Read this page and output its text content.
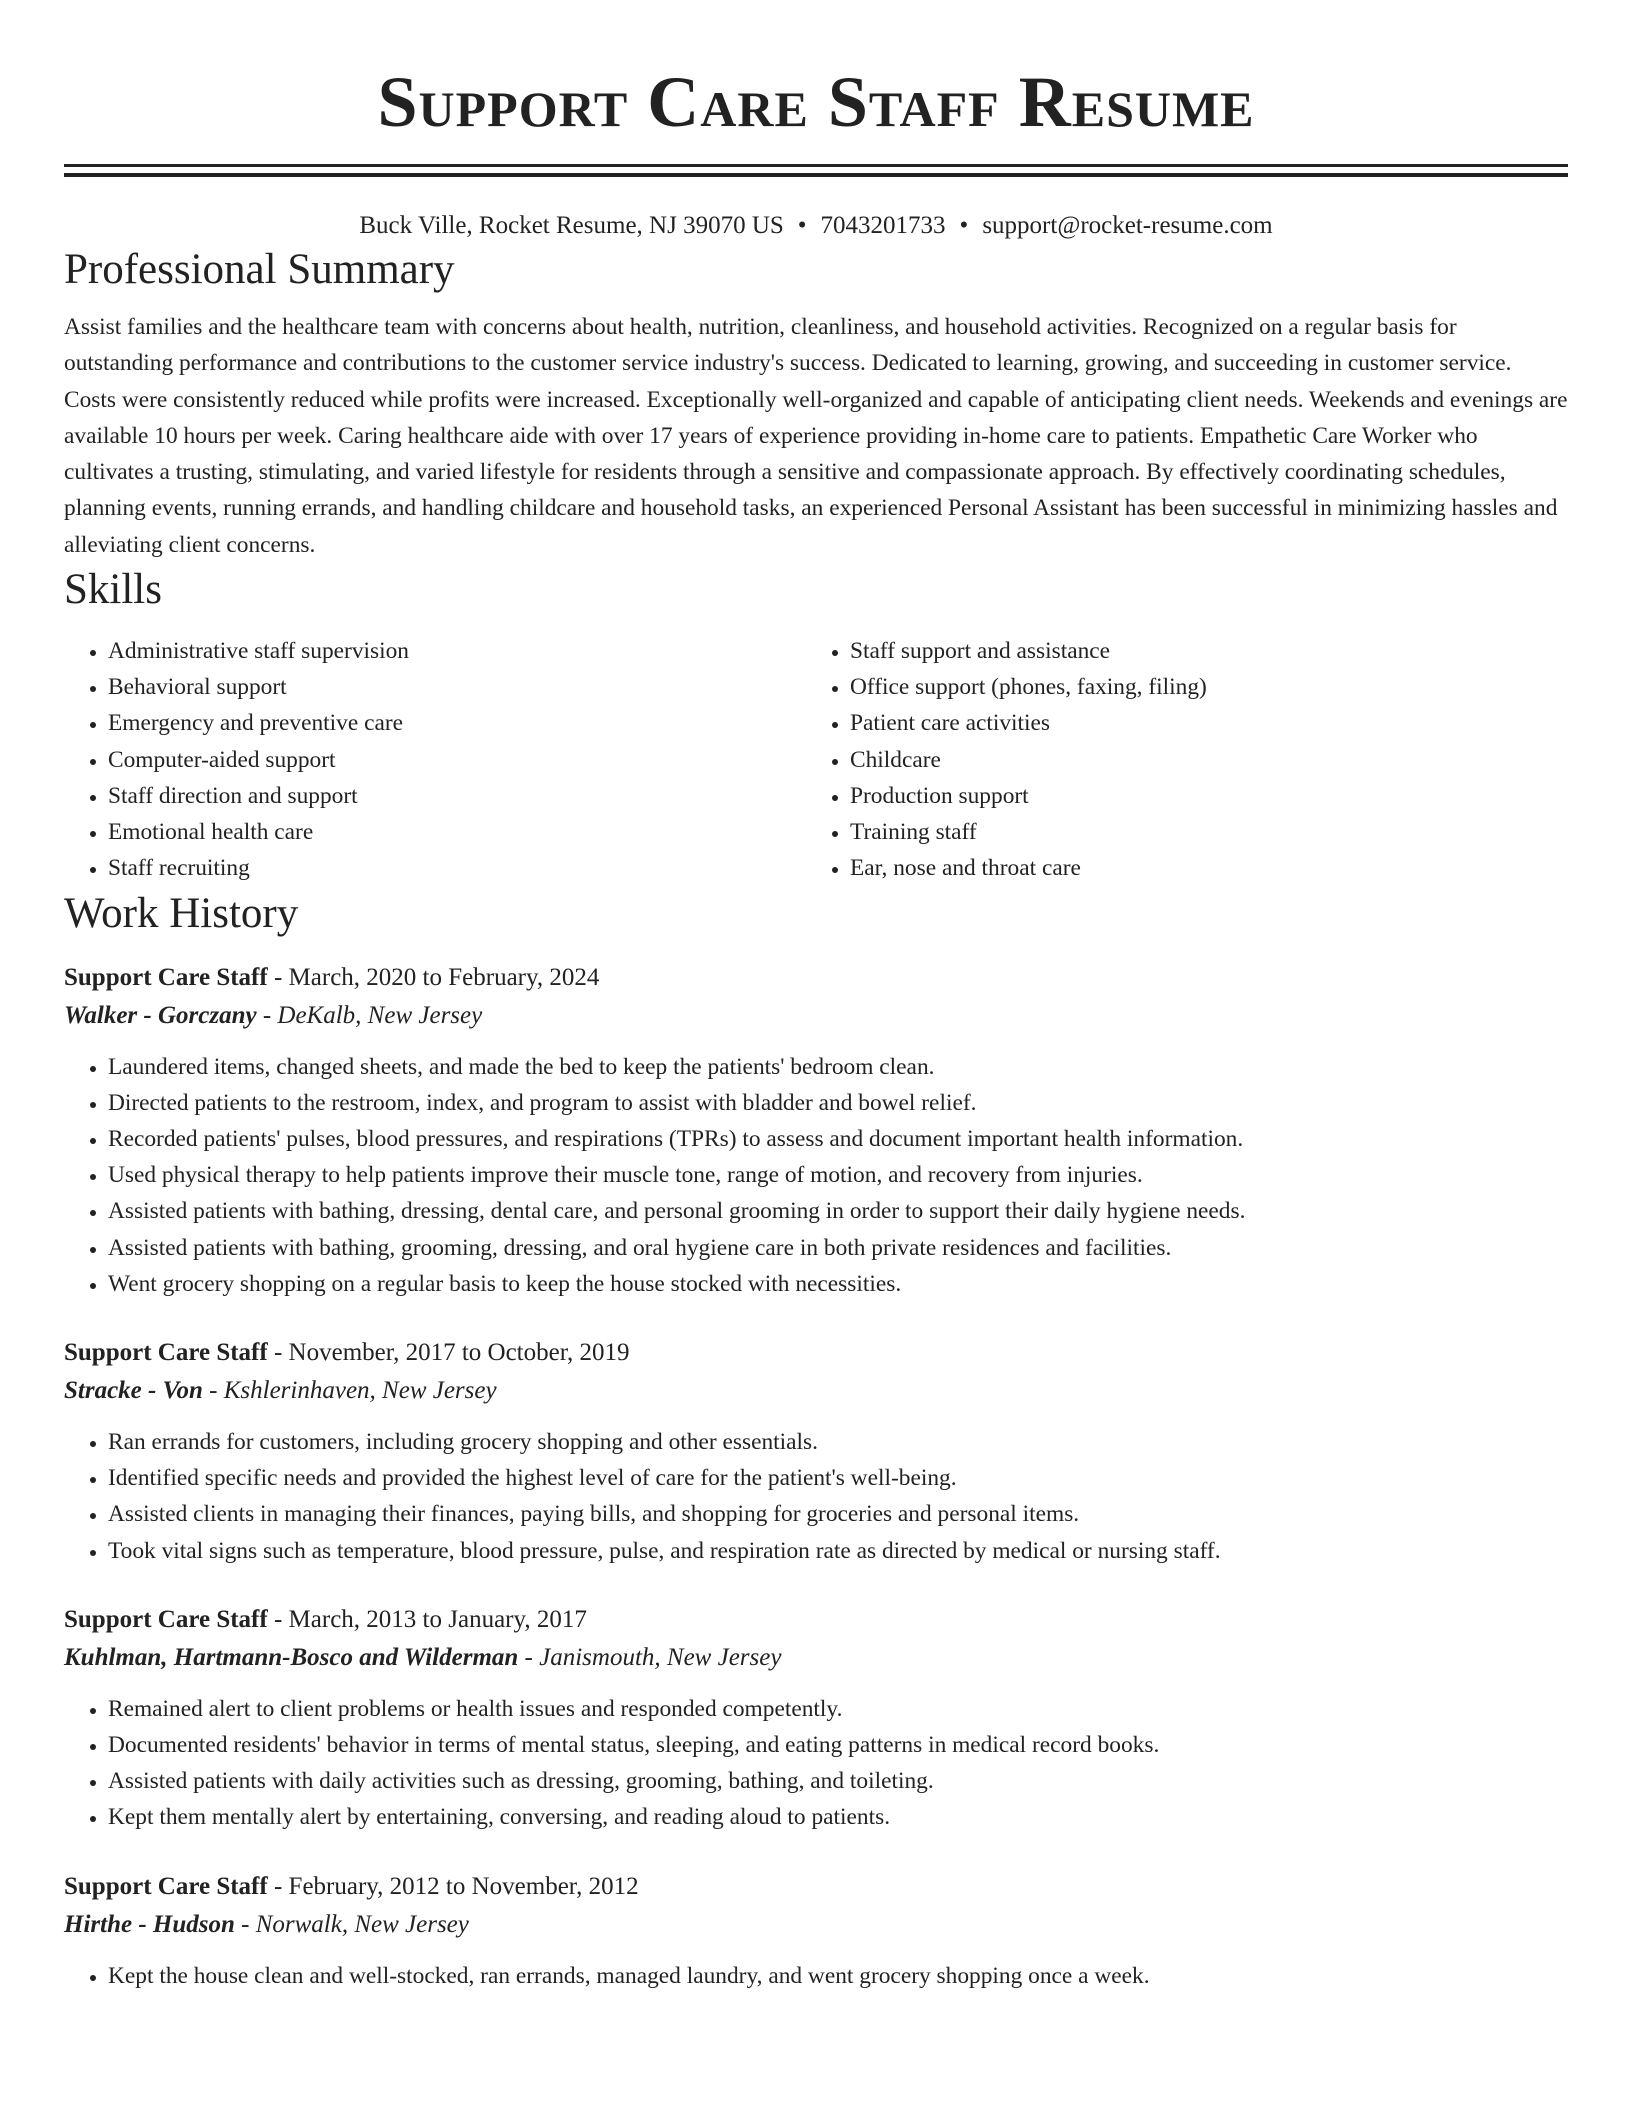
Support Care Staff Resume
Buck Ville, Rocket Resume, NJ 39070 US • 7043201733 • support@rocket-resume.com
Professional Summary
Assist families and the healthcare team with concerns about health, nutrition, cleanliness, and household activities. Recognized on a regular basis for outstanding performance and contributions to the customer service industry's success. Dedicated to learning, growing, and succeeding in customer service. Costs were consistently reduced while profits were increased. Exceptionally well-organized and capable of anticipating client needs. Weekends and evenings are available 10 hours per week. Caring healthcare aide with over 17 years of experience providing in-home care to patients. Empathetic Care Worker who cultivates a trusting, stimulating, and varied lifestyle for residents through a sensitive and compassionate approach. By effectively coordinating schedules, planning events, running errands, and handling childcare and household tasks, an experienced Personal Assistant has been successful in minimizing hassles and alleviating client concerns.
Skills
• Administrative staff supervision
• Behavioral support
• Emergency and preventive care
• Computer-aided support
• Staff direction and support
• Emotional health care
• Staff recruiting
• Staff support and assistance
• Office support (phones, faxing, filing)
• Patient care activities
• Childcare
• Production support
• Training staff
• Ear, nose and throat care
Work History
Support Care Staff - March, 2020 to February, 2024
Walker - Gorczany - DeKalb, New Jersey
• Laundered items, changed sheets, and made the bed to keep the patients' bedroom clean.
• Directed patients to the restroom, index, and program to assist with bladder and bowel relief.
• Recorded patients' pulses, blood pressures, and respirations (TPRs) to assess and document important health information.
• Used physical therapy to help patients improve their muscle tone, range of motion, and recovery from injuries.
• Assisted patients with bathing, dressing, dental care, and personal grooming in order to support their daily hygiene needs.
• Assisted patients with bathing, grooming, dressing, and oral hygiene care in both private residences and facilities.
• Went grocery shopping on a regular basis to keep the house stocked with necessities.
Support Care Staff - November, 2017 to October, 2019
Stracke - Von - Kshlerinhaven, New Jersey
• Ran errands for customers, including grocery shopping and other essentials.
• Identified specific needs and provided the highest level of care for the patient's well-being.
• Assisted clients in managing their finances, paying bills, and shopping for groceries and personal items.
• Took vital signs such as temperature, blood pressure, pulse, and respiration rate as directed by medical or nursing staff.
Support Care Staff - March, 2013 to January, 2017
Kuhlman, Hartmann-Bosco and Wilderman - Janismouth, New Jersey
• Remained alert to client problems or health issues and responded competently.
• Documented residents' behavior in terms of mental status, sleeping, and eating patterns in medical record books.
• Assisted patients with daily activities such as dressing, grooming, bathing, and toileting.
• Kept them mentally alert by entertaining, conversing, and reading aloud to patients.
Support Care Staff - February, 2012 to November, 2012
Hirthe - Hudson - Norwalk, New Jersey
• Kept the house clean and well-stocked, ran errands, managed laundry, and went grocery shopping once a week.
